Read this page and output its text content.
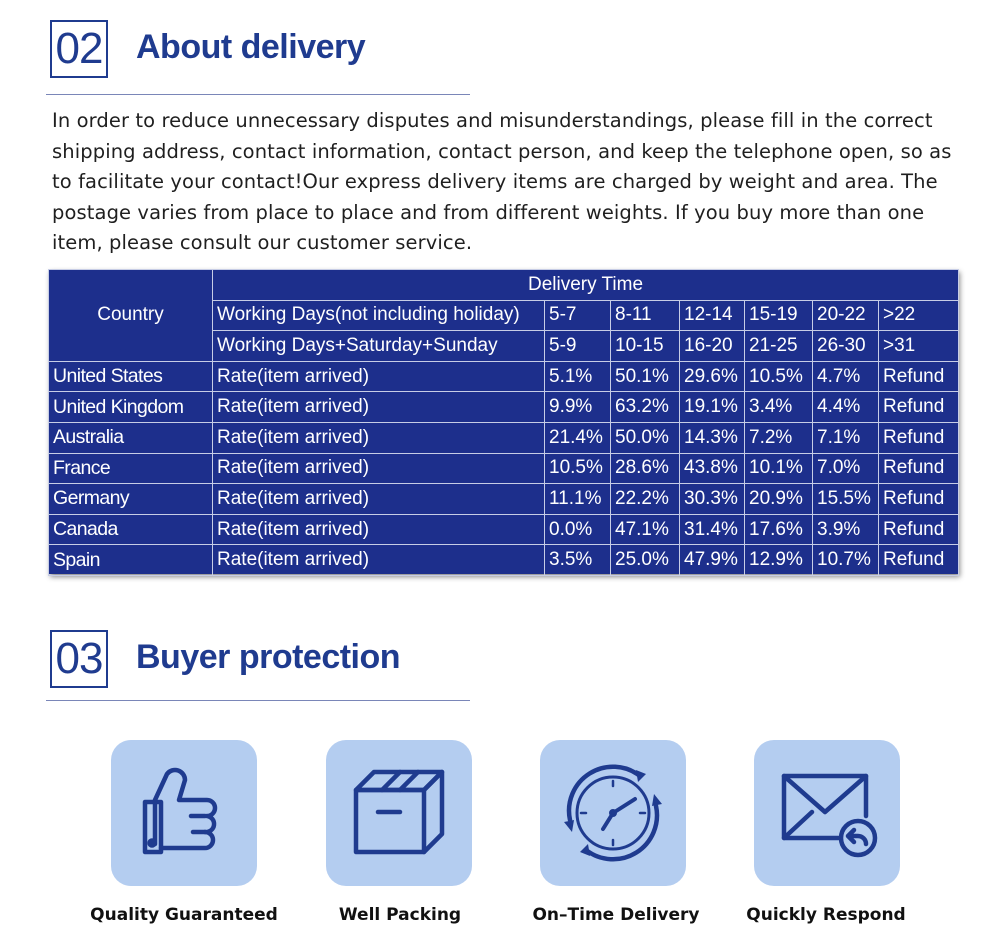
02 About delivery
In order to reduce unnecessary disputes and misunderstandings, please fill in the correct shipping address, contact information, contact person, and keep the telephone open, so as to facilitate your contact!Our express delivery items are charged by weight and area. The postage varies from place to place and from different weights. If you buy more than one item, please consult our customer service.
Country	Delivery Time						
	Working Days(not including holiday)	5-7	8-11	12-14	15-19	20-22	>22
	Working Days+Saturday+Sunday	5-9	10-15	16-20	21-25	26-30	>31
United States	Rate(item arrived)	5.1%	50.1%	29.6%	10.5%	4.7%	Refund
United Kingdom	Rate(item arrived)	9.9%	63.2%	19.1%	3.4%	4.4%	Refund
Australia	Rate(item arrived)	21.4%	50.0%	14.3%	7.2%	7.1%	Refund
France	Rate(item arrived)	10.5%	28.6%	43.8%	10.1%	7.0%	Refund
Germany	Rate(item arrived)	11.1%	22.2%	30.3%	20.9%	15.5%	Refund
Canada	Rate(item arrived)	0.0%	47.1%	31.4%	17.6%	3.9%	Refund
Spain	Rate(item arrived)	3.5%	25.0%	47.9%	12.9%	10.7%	Refund
03 Buyer protection
Quality Guaranteed	Well Packing	On–Time Delivery	Quickly Respond
